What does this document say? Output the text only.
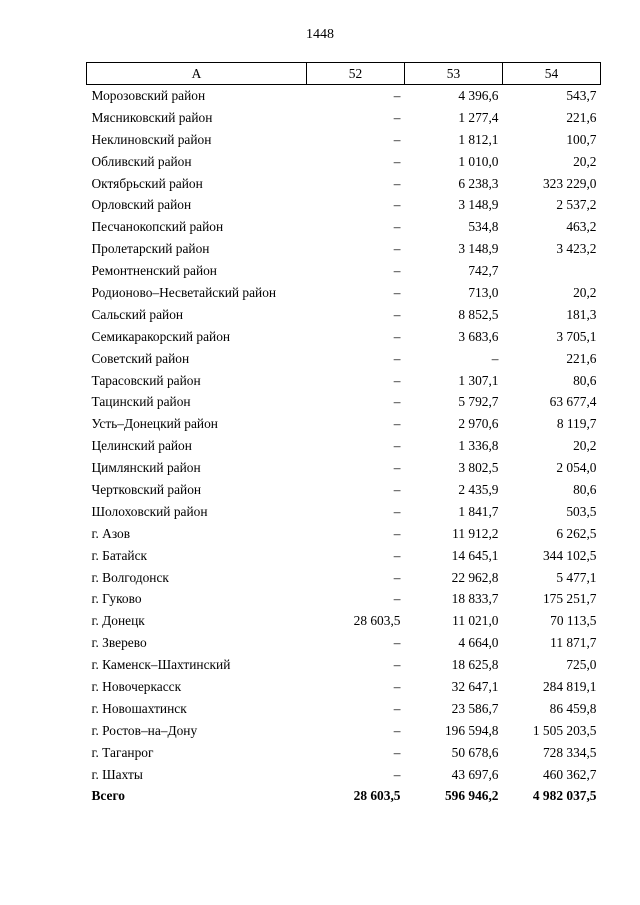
1448
А	52	53	54
Морозовский район	–	4 396,6	543,7
Мясниковский район	–	1 277,4	221,6
Неклиновский район	–	1 812,1	100,7
Обливский район	–	1 010,0	20,2
Октябрьский район	–	6 238,3	323 229,0
Орловский район	–	3 148,9	2 537,2
Песчанокопский район	–	534,8	463,2
Пролетарский район	–	3 148,9	3 423,2
Ремонтненский район	–	742,7	
Родионово–Несветайский район	–	713,0	20,2
Сальский район	–	8 852,5	181,3
Семикаракорский район	–	3 683,6	3 705,1
Советский район	–	–	221,6
Тарасовский район	–	1 307,1	80,6
Тацинский район	–	5 792,7	63 677,4
Усть–Донецкий район	–	2 970,6	8 119,7
Целинский район	–	1 336,8	20,2
Цимлянский район	–	3 802,5	2 054,0
Чертковский район	–	2 435,9	80,6
Шолоховский район	–	1 841,7	503,5
г. Азов	–	11 912,2	6 262,5
г. Батайск	–	14 645,1	344 102,5
г. Волгодонск	–	22 962,8	5 477,1
г. Гуково	–	18 833,7	175 251,7
г. Донецк	28 603,5	11 021,0	70 113,5
г. Зверево	–	4 664,0	11 871,7
г. Каменск–Шахтинский	–	18 625,8	725,0
г. Новочеркасск	–	32 647,1	284 819,1
г. Новошахтинск	–	23 586,7	86 459,8
г. Ростов–на–Дону	–	196 594,8	1 505 203,5
г. Таганрог	–	50 678,6	728 334,5
г. Шахты	–	43 697,6	460 362,7
Всего	28 603,5	596 946,2	4 982 037,5
